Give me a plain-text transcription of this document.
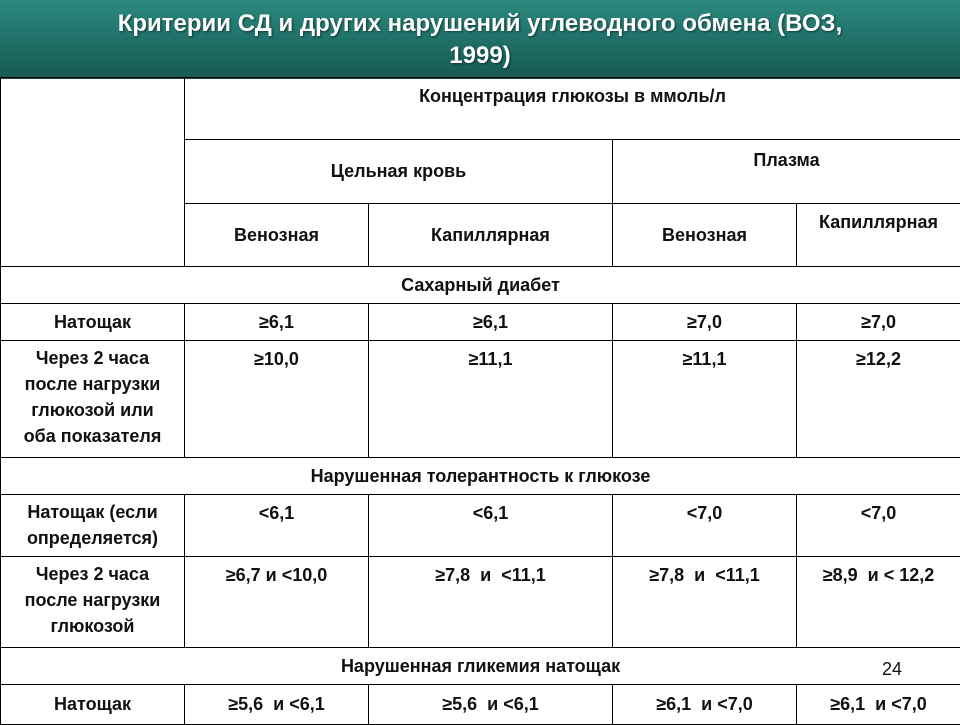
Критерии СД и других нарушений углеводного обмена (ВОЗ,
1999)
	Концентрация глюкозы в ммоль/л			
	Цельная кровь		Плазма	
	Венозная	Капиллярная	Венозная	Капиллярная
Сахарный диабет				
Натощак	≥6,1	≥6,1	≥7,0	≥7,0

Через 2 часа
после нагрузки
глюкозой или
оба показателя	≥10,0	≥11,1	≥11,1	≥12,2
Нарушенная толерантность к глюкозе				

Натощак (если
определяется)	<6,1	<6,1	<7,0	<7,0

Через 2 часа
после нагрузки
глюкозой	≥6,7 и <10,0	≥7,8  и  <11,1	≥7,8  и  <11,1	≥8,9  и < 12,2
Нарушенная гликемия натощак				
Натощак	≥5,6  и <6,1	≥5,6  и <6,1	≥6,1  и <7,0	≥6,1  и <7,0
24
